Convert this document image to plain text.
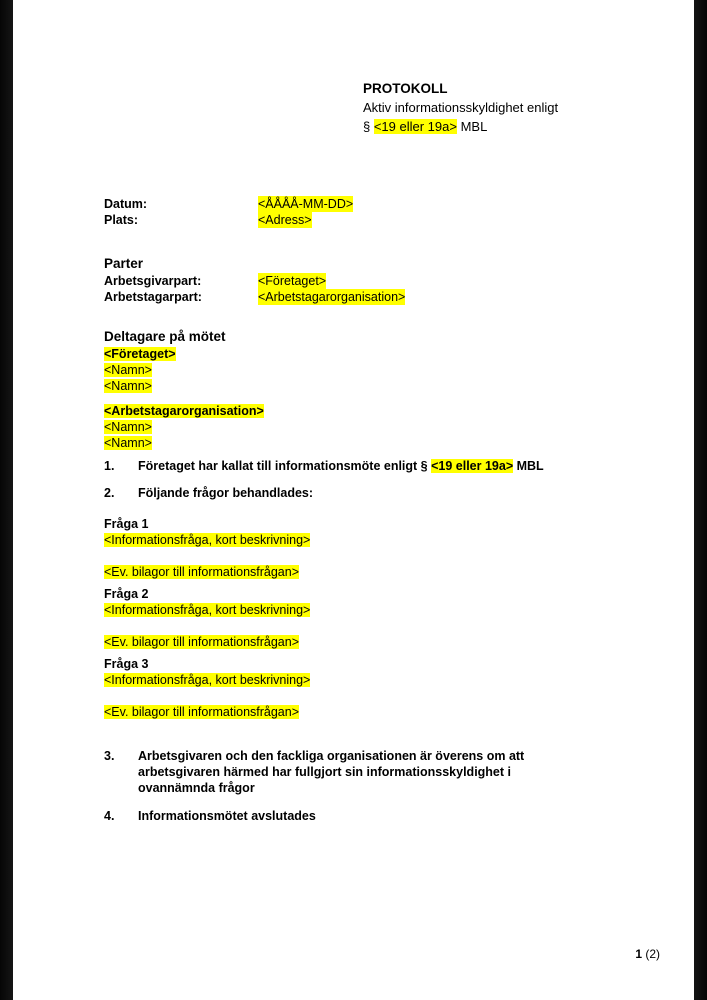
PROTOKOLL
Aktiv informationsskyldighet enligt
§ <19 eller 19a> MBL
Datum:	<ÅÅÅÅ-MM-DD>
Plats:	<Adress>
Parter
Arbetsgivarpart:	<Företaget>
Arbetstagarpart:	<Arbetstagarorganisation>
Deltagare på mötet
<Företaget>
<Namn>
<Namn>
<Arbetstagarorganisation>
<Namn>
<Namn>
1.	Företaget har kallat till informationsmöte enligt § <19 eller 19a> MBL
2.	Följande frågor behandlades:
Fråga 1
<Informationsfråga, kort beskrivning>
<Ev. bilagor till informationsfrågan>
Fråga 2
<Informationsfråga, kort beskrivning>
<Ev. bilagor till informationsfrågan>
Fråga 3
<Informationsfråga, kort beskrivning>
<Ev. bilagor till informationsfrågan>
3.	Arbetsgivaren och den fackliga organisationen är överens om att arbetsgivaren härmed har fullgjort sin informationsskyldighet i ovannämnda frågor
4.	Informationsmötet avslutades
1 (2)
